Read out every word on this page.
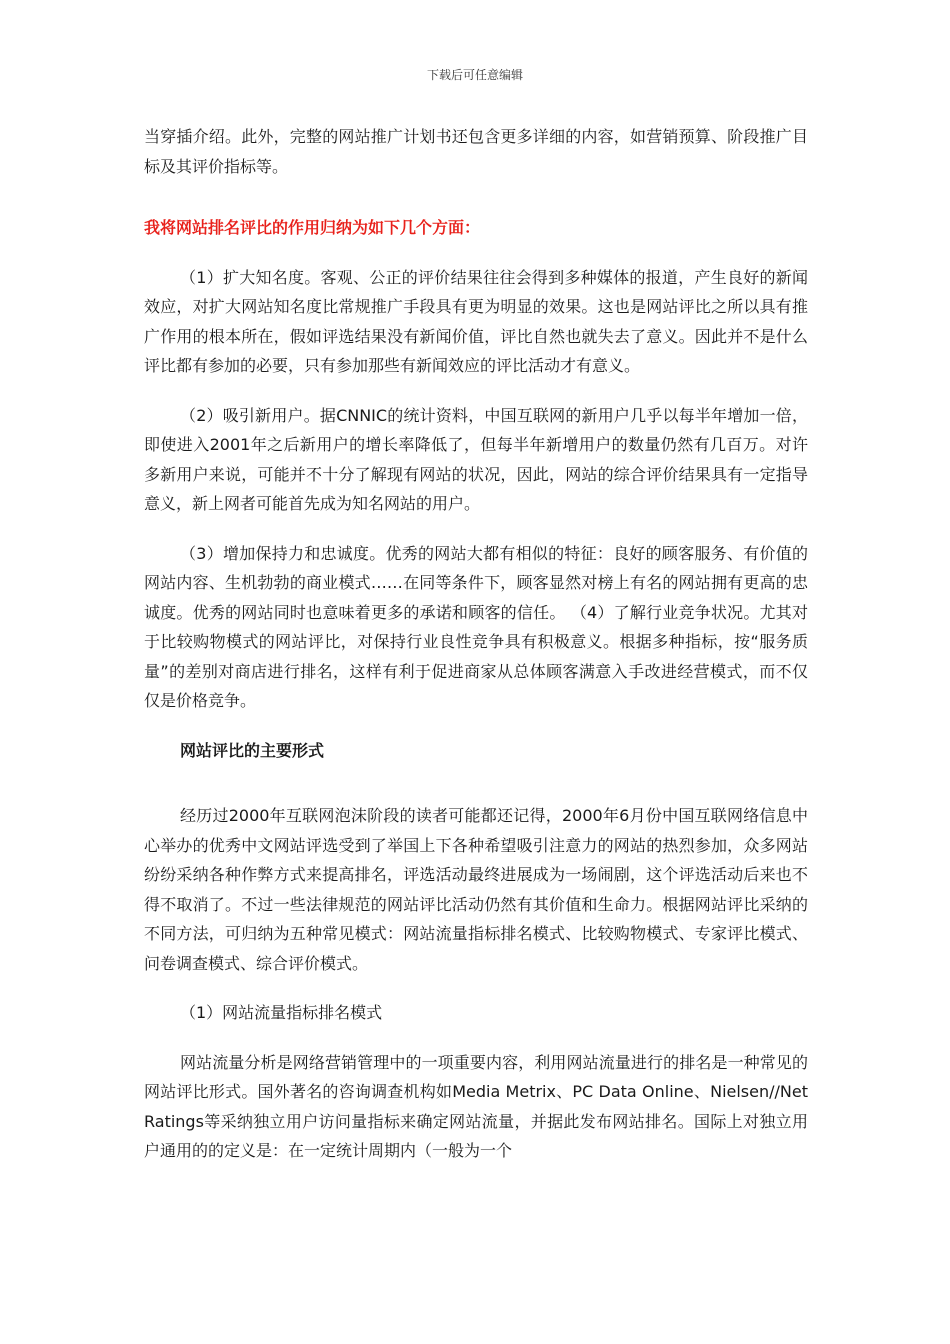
下载后可任意编辑

当穿插介绍。此外，完整的网站推广计划书还包含更多详细的内容，如营销预算、阶段推广目标及其评价指标等。

我将网站排名评比的作用归纳为如下几个方面：

（1）扩大知名度。客观、公正的评价结果往往会得到多种媒体的报道，产生良好的新闻效应，对扩大网站知名度比常规推广手段具有更为明显的效果。这也是网站评比之所以具有推广作用的根本所在，假如评选结果没有新闻价值，评比自然也就失去了意义。因此并不是什么评比都有参加的必要，只有参加那些有新闻效应的评比活动才有意义。

（2）吸引新用户。据CNNIC的统计资料，中国互联网的新用户几乎以每半年增加一倍，即使进入2001年之后新用户的增长率降低了，但每半年新增用户的数量仍然有几百万。对许多新用户来说，可能并不十分了解现有网站的状况，因此，网站的综合评价结果具有一定指导意义，新上网者可能首先成为知名网站的用户。

（3）增加保持力和忠诚度。优秀的网站大都有相似的特征：良好的顾客服务、有价值的网站内容、生机勃勃的商业模式……在同等条件下，顾客显然对榜上有名的网站拥有更高的忠诚度。优秀的网站同时也意味着更多的承诺和顾客的信任。 （4）了解行业竞争状况。尤其对于比较购物模式的网站评比，对保持行业良性竞争具有积极意义。根据多种指标，按“服务质量”的差别对商店进行排名，这样有利于促进商家从总体顾客满意入手改进经营模式，而不仅仅是价格竞争。

网站评比的主要形式

经历过2000年互联网泡沫阶段的读者可能都还记得，2000年6月份中国互联网络信息中心举办的优秀中文网站评选受到了举国上下各种希望吸引注意力的网站的热烈参加，众多网站纷纷采纳各种作弊方式来提高排名，评选活动最终进展成为一场闹剧，这个评选活动后来也不得不取消了。不过一些法律规范的网站评比活动仍然有其价值和生命力。根据网站评比采纳的不同方法，可归纳为五种常见模式：网站流量指标排名模式、比较购物模式、专家评比模式、问卷调查模式、综合评价模式。

（1）网站流量指标排名模式

网站流量分析是网络营销管理中的一项重要内容，利用网站流量进行的排名是一种常见的网站评比形式。国外著名的咨询调查机构如Media Metrix、PC Data Online、Nielsen//NetRatings等采纳独立用户访问量指标来确定网站流量，并据此发布网站排名。国际上对独立用户通用的的定义是：在一定统计周期内（一般为一个
